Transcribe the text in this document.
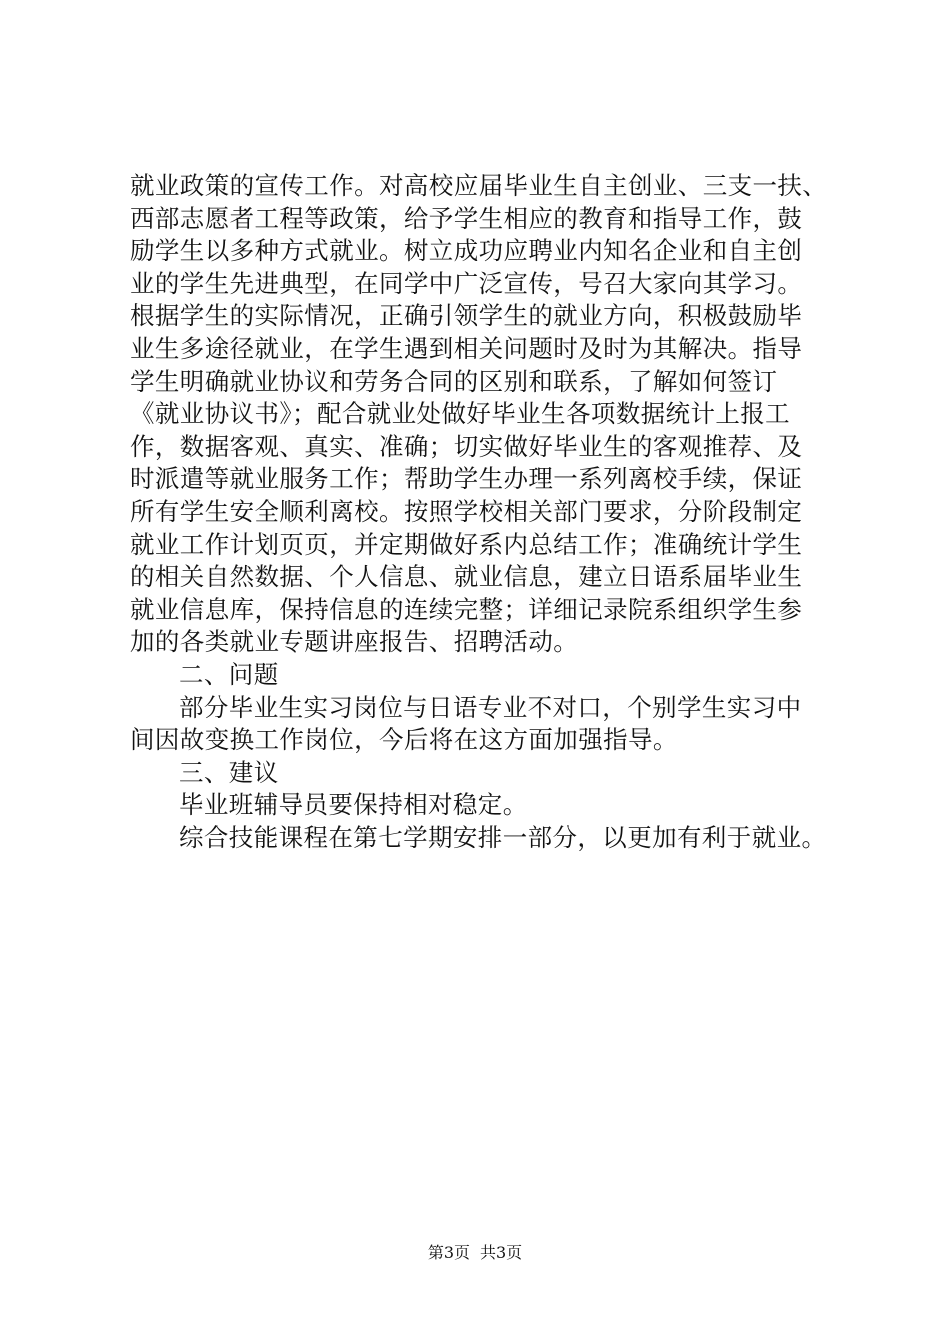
就业政策的宣传工作。对高校应届毕业生自主创业、三支一扶、
西部志愿者工程等政策，给予学生相应的教育和指导工作，鼓
励学生以多种方式就业。树立成功应聘业内知名企业和自主创
业的学生先进典型，在同学中广泛宣传，号召大家向其学习。
根据学生的实际情况，正确引领学生的就业方向，积极鼓励毕
业生多途径就业，在学生遇到相关问题时及时为其解决。指导
学生明确就业协议和劳务合同的区别和联系，了解如何签订
《就业协议书》；配合就业处做好毕业生各项数据统计上报工
作，数据客观、真实、准确；切实做好毕业生的客观推荐、及
时派遣等就业服务工作；帮助学生办理一系列离校手续，保证
所有学生安全顺利离校。按照学校相关部门要求，分阶段制定
就业工作计划页页，并定期做好系内总结工作；准确统计学生
的相关自然数据、个人信息、就业信息，建立日语系届毕业生
就业信息库，保持信息的连续完整；详细记录院系组织学生参
加的各类就业专题讲座报告、招聘活动。
二、问题
部分毕业生实习岗位与日语专业不对口，个别学生实习中
间因故变换工作岗位，今后将在这方面加强指导。
三、建议
毕业班辅导员要保持相对稳定。
综合技能课程在第七学期安排一部分，以更加有利于就业。
第3页 共3页
